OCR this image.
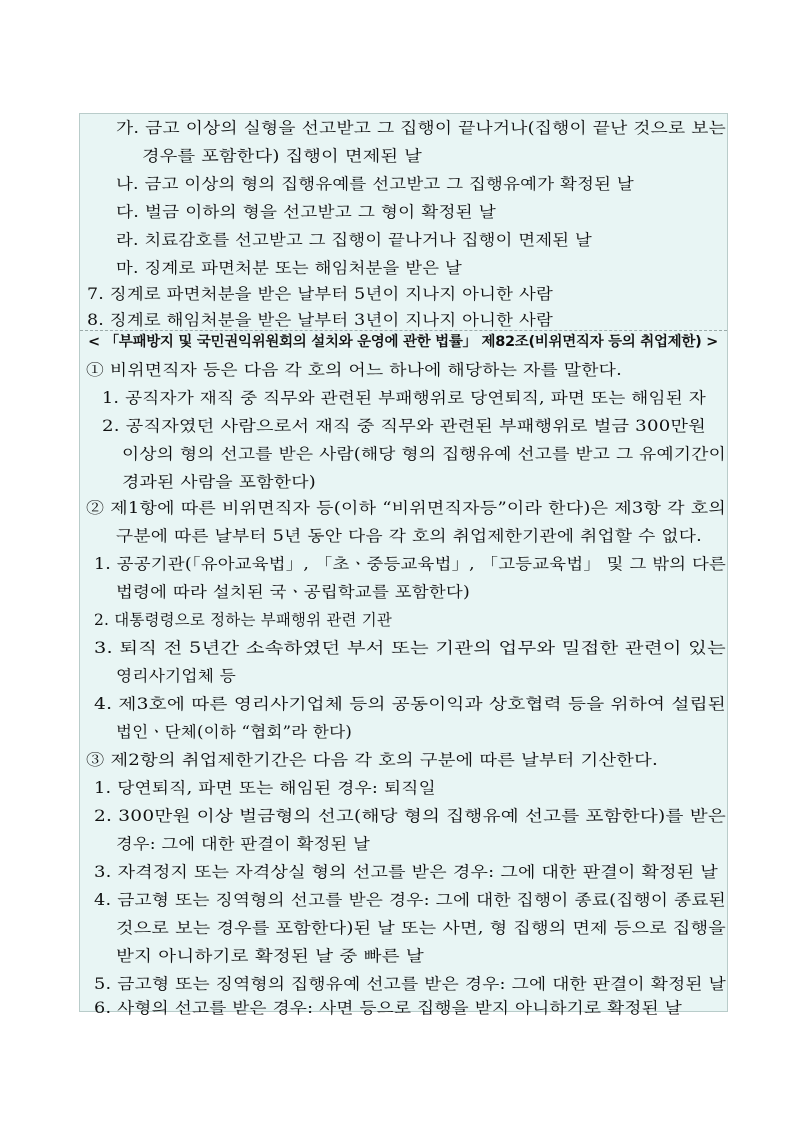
가. 금고 이상의 실형을 선고받고 그 집행이 끝나거나(집행이 끝난 것으로 보는
경우를 포함한다) 집행이 면제된 날
나. 금고 이상의 형의 집행유예를 선고받고 그 집행유예가 확정된 날
다. 벌금 이하의 형을 선고받고 그 형이 확정된 날
라. 치료감호를 선고받고 그 집행이 끝나거나 집행이 면제된 날
마. 징계로 파면처분 또는 해임처분을 받은 날
7. 징계로 파면처분을 받은 날부터 5년이 지나지 아니한 사람
8. 징계로 해임처분을 받은 날부터 3년이 지나지 아니한 사람
< 「부패방지 및 국민권익위원회의 설치와 운영에 관한 법률」 제82조(비위면직자 등의 취업제한) >
① 비위면직자 등은 다음 각 호의 어느 하나에 해당하는 자를 말한다.
1. 공직자가 재직 중 직무와 관련된 부패행위로 당연퇴직, 파면 또는 해임된 자
2. 공직자였던 사람으로서 재직 중 직무와 관련된 부패행위로 벌금 300만원
이상의 형의 선고를 받은 사람(해당 형의 집행유예 선고를 받고 그 유예기간이
경과된 사람을 포함한다)
② 제1항에 따른 비위면직자 등(이하 “비위면직자등”이라 한다)은 제3항 각 호의
구분에 따른 날부터 5년 동안 다음 각 호의 취업제한기관에 취업할 수 없다.
1. 공공기관(「유아교육법」, 「초ㆍ중등교육법」, 「고등교육법」 및 그 밖의 다른
법령에 따라 설치된 국ㆍ공립학교를 포함한다)
2. 대통령령으로 정하는 부패행위 관련 기관
3. 퇴직 전 5년간 소속하였던 부서 또는 기관의 업무와 밀접한 관련이 있는
영리사기업체 등
4. 제3호에 따른 영리사기업체 등의 공동이익과 상호협력 등을 위하여 설립된
법인ㆍ단체(이하 “협회”라 한다)
③ 제2항의 취업제한기간은 다음 각 호의 구분에 따른 날부터 기산한다.
1. 당연퇴직, 파면 또는 해임된 경우: 퇴직일
2. 300만원 이상 벌금형의 선고(해당 형의 집행유예 선고를 포함한다)를 받은
경우: 그에 대한 판결이 확정된 날
3. 자격정지 또는 자격상실 형의 선고를 받은 경우: 그에 대한 판결이 확정된 날
4. 금고형 또는 징역형의 선고를 받은 경우: 그에 대한 집행이 종료(집행이 종료된
것으로 보는 경우를 포함한다)된 날 또는 사면, 형 집행의 면제 등으로 집행을
받지 아니하기로 확정된 날 중 빠른 날
5. 금고형 또는 징역형의 집행유예 선고를 받은 경우: 그에 대한 판결이 확정된 날
6. 사형의 선고를 받은 경우: 사면 등으로 집행을 받지 아니하기로 확정된 날
